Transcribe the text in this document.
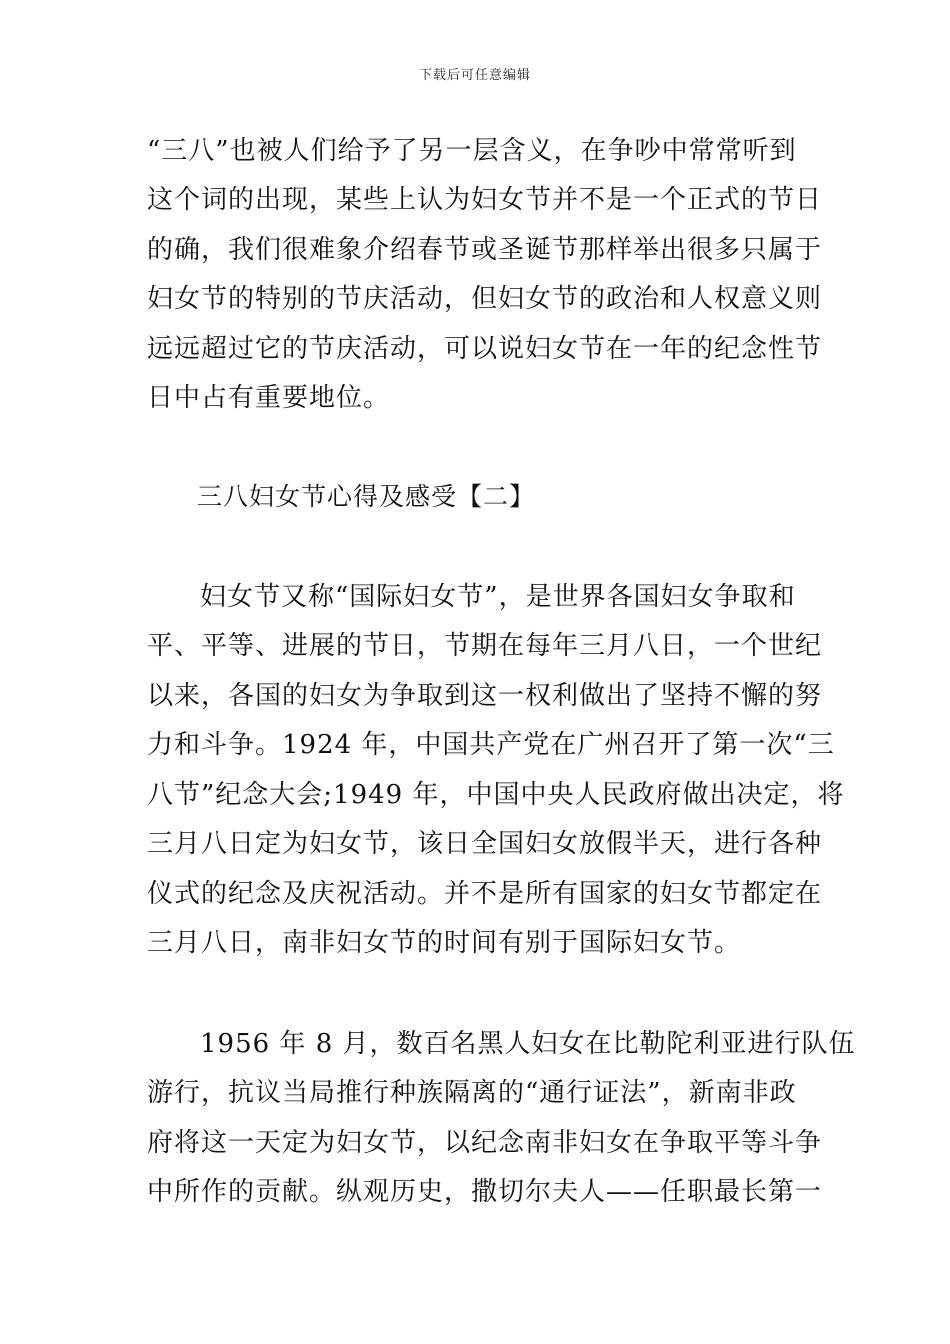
下载后可任意编辑
“三八”也被人们给予了另一层含义，在争吵中常常听到
这个词的出现，某些上认为妇女节并不是一个正式的节日
的确，我们很难象介绍春节或圣诞节那样举出很多只属于
妇女节的特别的节庆活动，但妇女节的政治和人权意义则
远远超过它的节庆活动，可以说妇女节在一年的纪念性节
日中占有重要地位。
三八妇女节心得及感受【二】
妇女节又称“国际妇女节”，是世界各国妇女争取和
平、平等、进展的节日，节期在每年三月八日，一个世纪
以来，各国的妇女为争取到这一权利做出了坚持不懈的努
力和斗争。1924 年，中国共产党在广州召开了第一次“三
八节”纪念大会;1949 年，中国中央人民政府做出决定，将
三月八日定为妇女节，该日全国妇女放假半天，进行各种
仪式的纪念及庆祝活动。并不是所有国家的妇女节都定在
三月八日，南非妇女节的时间有别于国际妇女节。
1956 年 8 月，数百名黑人妇女在比勒陀利亚进行队伍
游行，抗议当局推行种族隔离的“通行证法”，新南非政
府将这一天定为妇女节，以纪念南非妇女在争取平等斗争
中所作的贡献。纵观历史，撒切尔夫人——任职最长第一
